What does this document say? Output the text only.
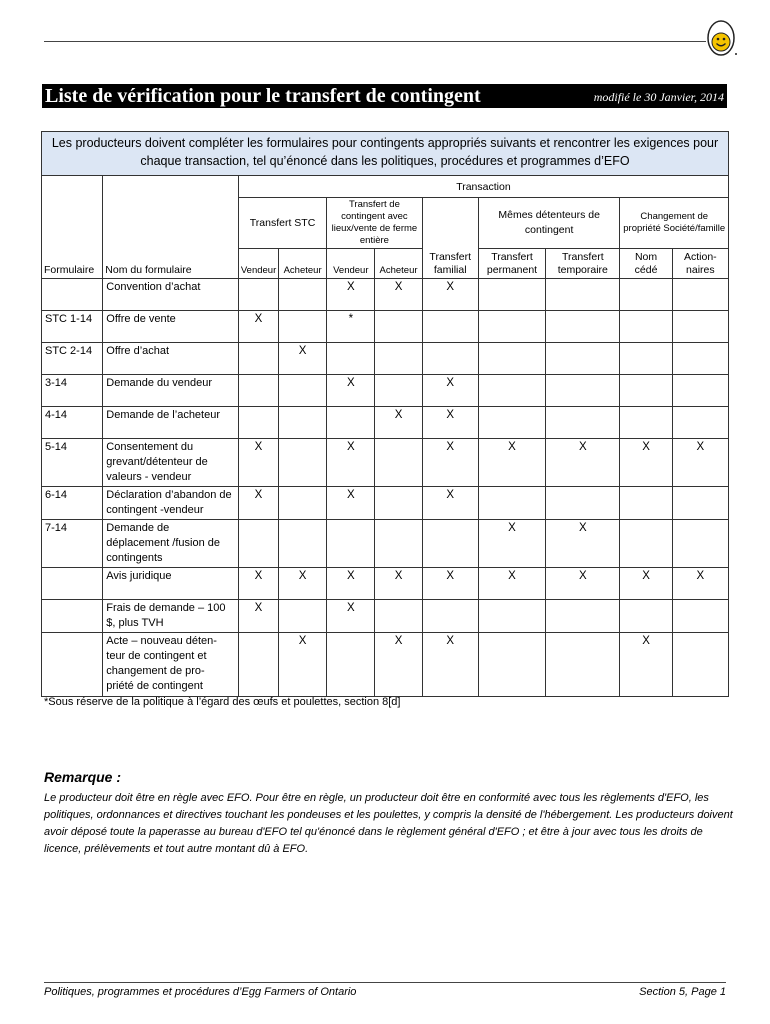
Liste de vérification pour le transfert de contingent	modifié le 30 Janvier, 2014
Les producteurs doivent compléter les formulaires pour contingents appropriés suivants et rencontrer les exigences pour chaque transaction, tel qu’énoncé dans les politiques, procédures et programmes d’EFO										
Formulaire	Nom du formulaire	Transaction								
		Transfert STC		Transfert de contingent avec lieux/vente de ferme entière		Transfert familial	Mêmes détenteurs de contingent		Changement de propriété Société/famille	
		Vendeur	Acheteur	Vendeur	Acheteur		Transfert permanent	Transfert temporaire	Nom cédé	Action- naires
	Convention d’achat			X	X	X				
STC 1-14	Offre de vente	X		*						
STC 2-14	Offre d’achat		X							
3-14	Demande du vendeur			X		X				
4-14	Demande de l’acheteur				X	X				
5-14	Consentement du grevant/détenteur de valeurs - vendeur	X		X		X	X	X	X	X
6-14	Déclaration d’abandon de contingent -vendeur	X		X		X				
7-14	Demande de déplacement /fusion de contingents						X	X		
	Avis juridique	X	X	X	X	X	X	X	X	X
	Frais de demande – 100 $, plus TVH	X		X						
	Acte – nouveau déten- teur de contingent et changement de pro- priété de contingent		X		X	X			X	
*Sous réserve de la politique à l’égard des œufs et poulettes, section 8[d]
Remarque :

Le producteur doit être en règle avec EFO. Pour être en règle, un producteur doit être en conformité avec tous les règlements d'EFO, les politiques, ordonnances et directives touchant les pondeuses et les poulettes, y compris la densité de l'hébergement. Les producteurs doivent avoir déposé toute la paperasse au bureau d'EFO tel qu'énoncé dans le règlement général d'EFO ; et être à jour avec tous les droits de licence, prélèvements et tout autre montant dû à EFO.

Politiques, programmes et procédures d’Egg Farmers of Ontario	Section 5, Page 1
